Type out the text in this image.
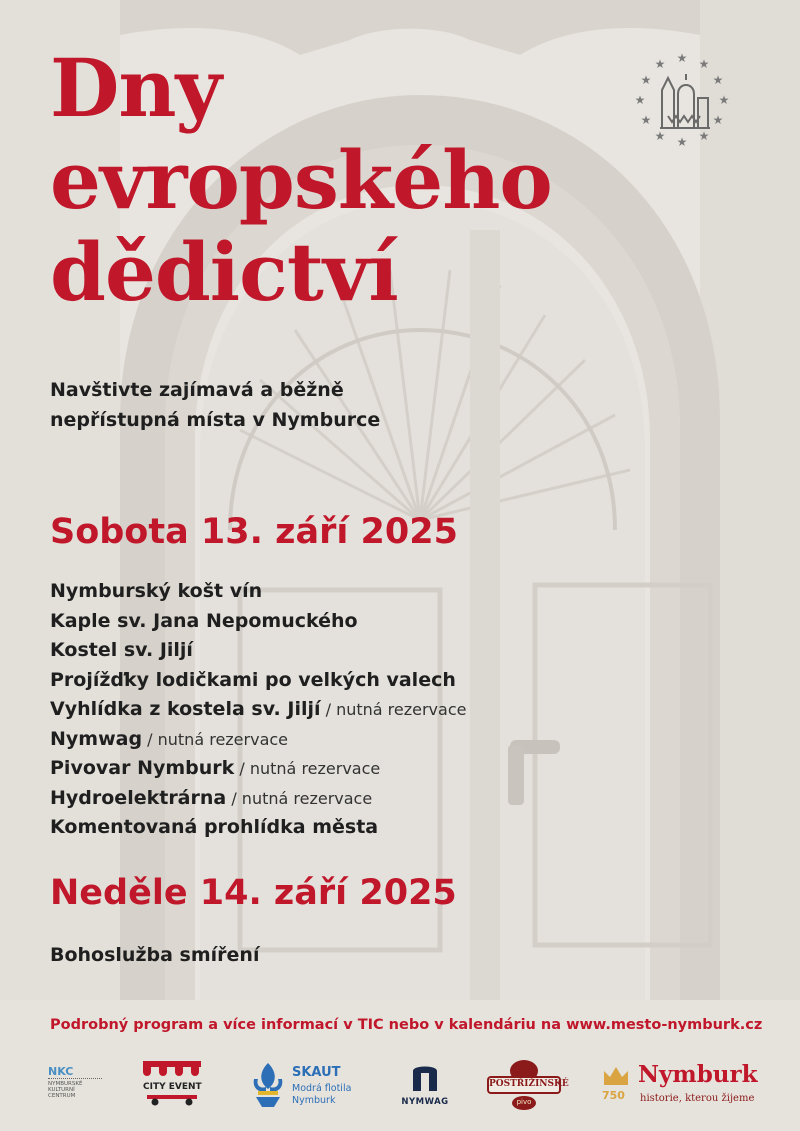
★ ★
★
★
★
★
★
★
★
★
★
★
Dny
evropského
dědictví

Navštivte zajímavá a běžně
nepřístupná místa v Nymburce

Sobota 13. září 2025
Nymburský košt vín
Kaple sv. Jana Nepomuckého
Kostel sv. Jiljí
Projížďky lodičkami po velkých valech
Vyhlídka z kostela sv. Jiljí / nutná rezervace
Nymwag / nutná rezervace
Pivovar Nymburk / nutná rezervace
Hydroelektrárna / nutná rezervace
Komentovaná prohlídka města
Neděle 14. září 2025
Bohoslužba smíření

Podrobný program a více informací v TIC nebo v kalendáriu na www.mesto-nymburk.cz

NKC
NYMBURSKÉ
KULTURNÍ
CENTRUM
CITY EVENT
SKAUT
Modrá flotila
Nymburk	NYMWAG
POSTŘIŽINSKÉ
pivo	750
Nymburk
historie, kterou žijeme
